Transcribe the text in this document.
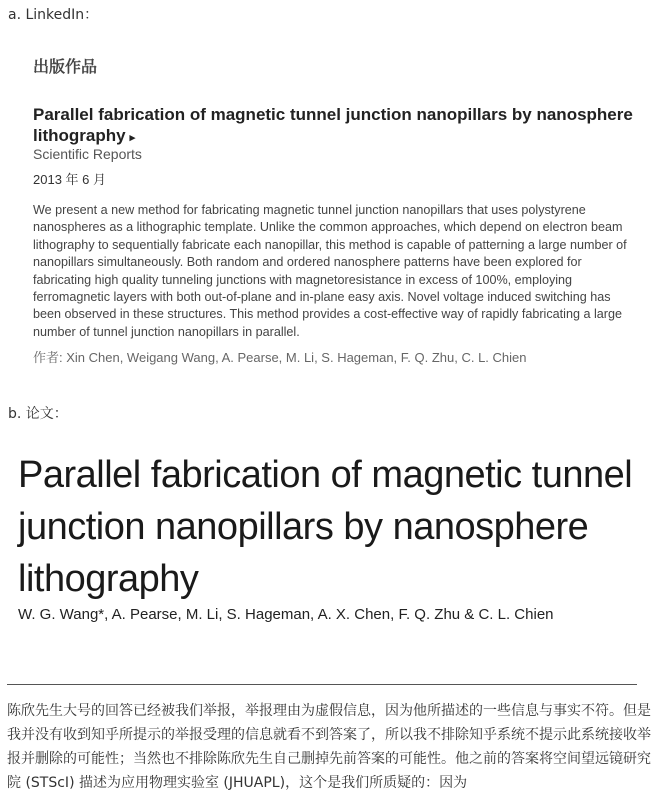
a. LinkedIn：
出版作品
Parallel fabrication of magnetic tunnel junction nanopillars by nanosphere lithography ▸
Scientific Reports
2013 年 6 月
We present a new method for fabricating magnetic tunnel junction nanopillars that uses polystyrene nanospheres as a lithographic template. Unlike the common approaches, which depend on electron beam lithography to sequentially fabricate each nanopillar, this method is capable of patterning a large number of nanopillars simultaneously. Both random and ordered nanosphere patterns have been explored for fabricating high quality tunneling junctions with magnetoresistance in excess of 100%, employing ferromagnetic layers with both out-of-plane and in-plane easy axis. Novel voltage induced switching has been observed in these structures. This method provides a cost-effective way of rapidly fabricating a large number of tunnel junction nanopillars in parallel.
作者: Xin Chen, Weigang Wang, A. Pearse, M. Li, S. Hageman, F. Q. Zhu, C. L. Chien
b. 论文：
Parallel fabrication of magnetic tunnel junction nanopillars by nanosphere lithography
W. G. Wang*, A. Pearse, M. Li, S. Hageman, A. X. Chen, F. Q. Zhu & C. L. Chien
陈欣先生大号的回答已经被我们举报，举报理由为虚假信息，因为他所描述的一些信息与事实不符。但是我并没有收到知乎所提示的举报受理的信息就看不到答案了，所以我不排除知乎系统不提示此系统接收举报并删除的可能性；当然也不排除陈欣先生自己删掉先前答案的可能性。他之前的答案将空间望远镜研究院 (STScI) 描述为应用物理实验室 (JHUAPL)，这个是我们所质疑的：因为
